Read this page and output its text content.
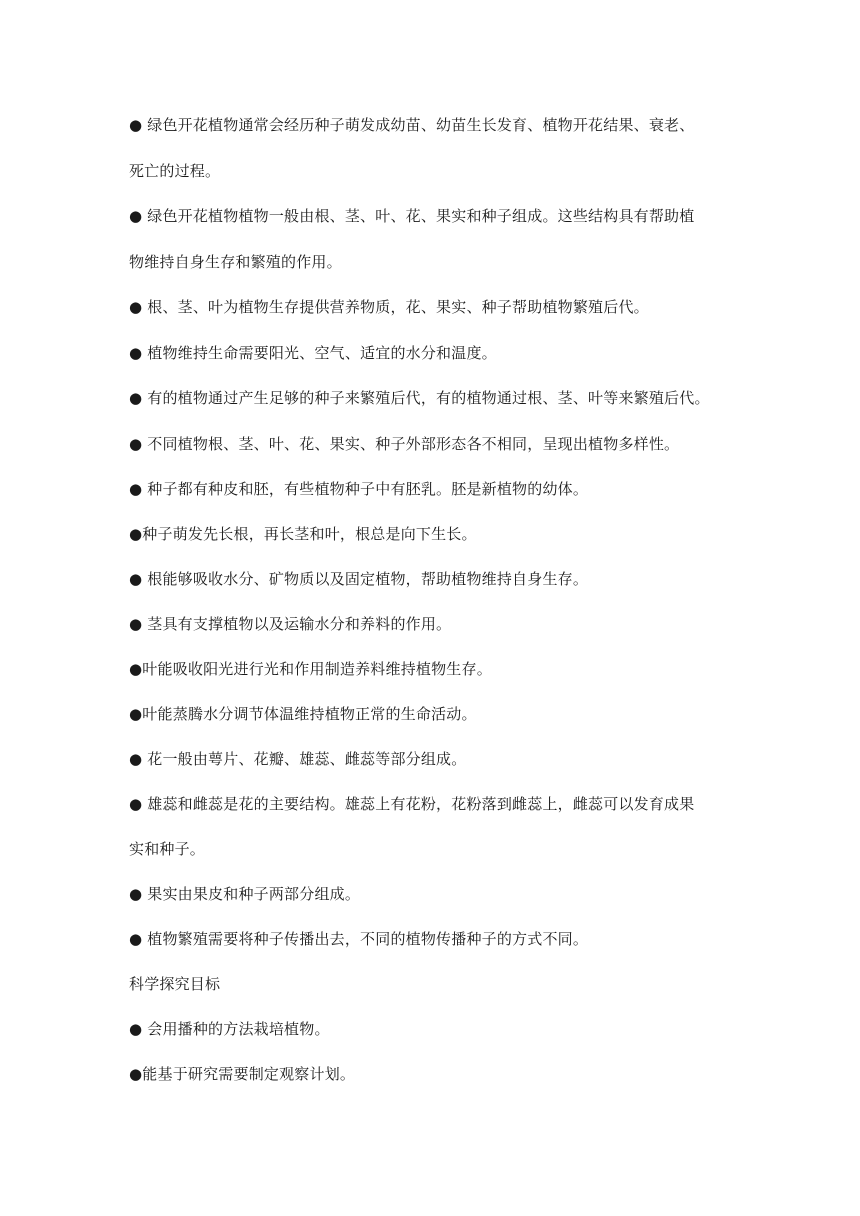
● 绿色开花植物通常会经历种子萌发成幼苗、幼苗生长发育、植物开花结果、衰老、
死亡的过程。
● 绿色开花植物植物一般由根、茎、叶、花、果实和种子组成。这些结构具有帮助植
物维持自身生存和繁殖的作用。
● 根、茎、叶为植物生存提供营养物质，花、果实、种子帮助植物繁殖后代。
● 植物维持生命需要阳光、空气、适宜的水分和温度。
● 有的植物通过产生足够的种子来繁殖后代，有的植物通过根、茎、叶等来繁殖后代。
● 不同植物根、茎、叶、花、果实、种子外部形态各不相同，呈现出植物多样性。
● 种子都有种皮和胚，有些植物种子中有胚乳。胚是新植物的幼体。
●种子萌发先长根，再长茎和叶，根总是向下生长。
● 根能够吸收水分、矿物质以及固定植物，帮助植物维持自身生存。
● 茎具有支撑植物以及运输水分和养料的作用。
●叶能吸收阳光进行光和作用制造养料维持植物生存。
●叶能蒸腾水分调节体温维持植物正常的生命活动。
● 花一般由萼片、花瓣、雄蕊、雌蕊等部分组成。
● 雄蕊和雌蕊是花的主要结构。雄蕊上有花粉，花粉落到雌蕊上，雌蕊可以发育成果
实和种子。
● 果实由果皮和种子两部分组成。
● 植物繁殖需要将种子传播出去，不同的植物传播种子的方式不同。
科学探究目标
● 会用播种的方法栽培植物。
●能基于研究需要制定观察计划。
